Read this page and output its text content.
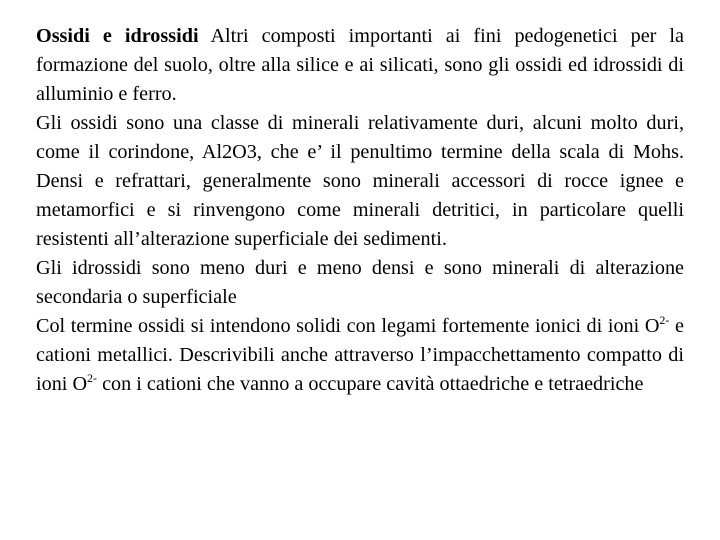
Ossidi e idrossidi Altri composti importanti ai fini pedogenetici per la formazione del suolo, oltre alla silice e ai silicati, sono gli ossidi ed idrossidi di alluminio e ferro.

Gli ossidi sono una classe di minerali relativamente duri, alcuni molto duri, come il corindone, Al2O3, che e’ il penultimo termine della scala di Mohs. Densi e refrattari, generalmente sono minerali accessori di rocce ignee e metamorfici e si rinvengono come minerali detritici, in particolare quelli resistenti all’alterazione superficiale dei sedimenti.

Gli idrossidi sono meno duri e meno densi e sono minerali di alterazione secondaria o superficiale

Col termine ossidi si intendono solidi con legami fortemente ionici di ioni $O^{2-}$ e cationi metallici. Descrivibili anche attraverso l’impacchettamento compatto di ioni $O^{2-}$ con i cationi che vanno a occupare cavità ottaedriche e tetraedriche
